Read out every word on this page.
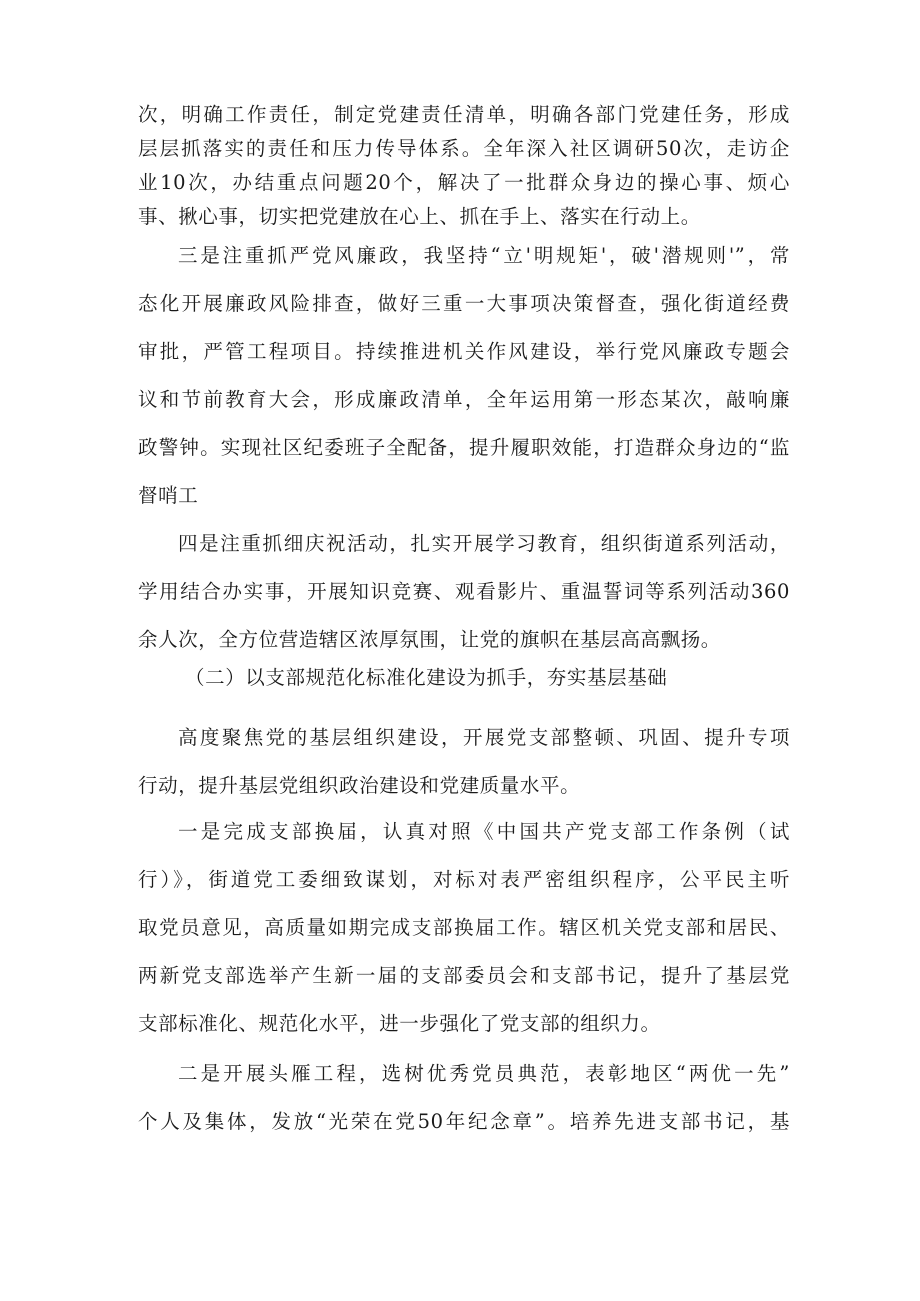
次，明确工作责任，制定党建责任清单，明确各部门党建任务，形成
层层抓落实的责任和压力传导体系。全年深入社区调研50次，走访企
业10次，办结重点问题20个，解决了一批群众身边的操心事、烦心
事、揪心事，切实把党建放在心上、抓在手上、落实在行动上。
三是注重抓严党风廉政，我坚持“立'明规矩'，破'潜规则'”，常
态化开展廉政风险排查，做好三重一大事项决策督查，强化街道经费
审批，严管工程项目。持续推进机关作风建设，举行党风廉政专题会
议和节前教育大会，形成廉政清单，全年运用第一形态某次，敲响廉
政警钟。实现社区纪委班子全配备，提升履职效能，打造群众身边的“监
督哨工
四是注重抓细庆祝活动，扎实开展学习教育，组织街道系列活动，
学用结合办实事，开展知识竞赛、观看影片、重温誓词等系列活动360
余人次，全方位营造辖区浓厚氛围，让党的旗帜在基层高高飘扬。
（二）以支部规范化标准化建设为抓手，夯实基层基础
高度聚焦党的基层组织建设，开展党支部整顿、巩固、提升专项
行动，提升基层党组织政治建设和党建质量水平。
一是完成支部换届，认真对照《中国共产党支部工作条例（试
行）》，街道党工委细致谋划，对标对表严密组织程序，公平民主听
取党员意见，高质量如期完成支部换届工作。辖区机关党支部和居民、
两新党支部选举产生新一届的支部委员会和支部书记，提升了基层党
支部标准化、规范化水平，进一步强化了党支部的组织力。
二是开展头雁工程，选树优秀党员典范，表彰地区“两优一先”
个人及集体，发放“光荣在党50年纪念章”。培养先进支部书记，基
